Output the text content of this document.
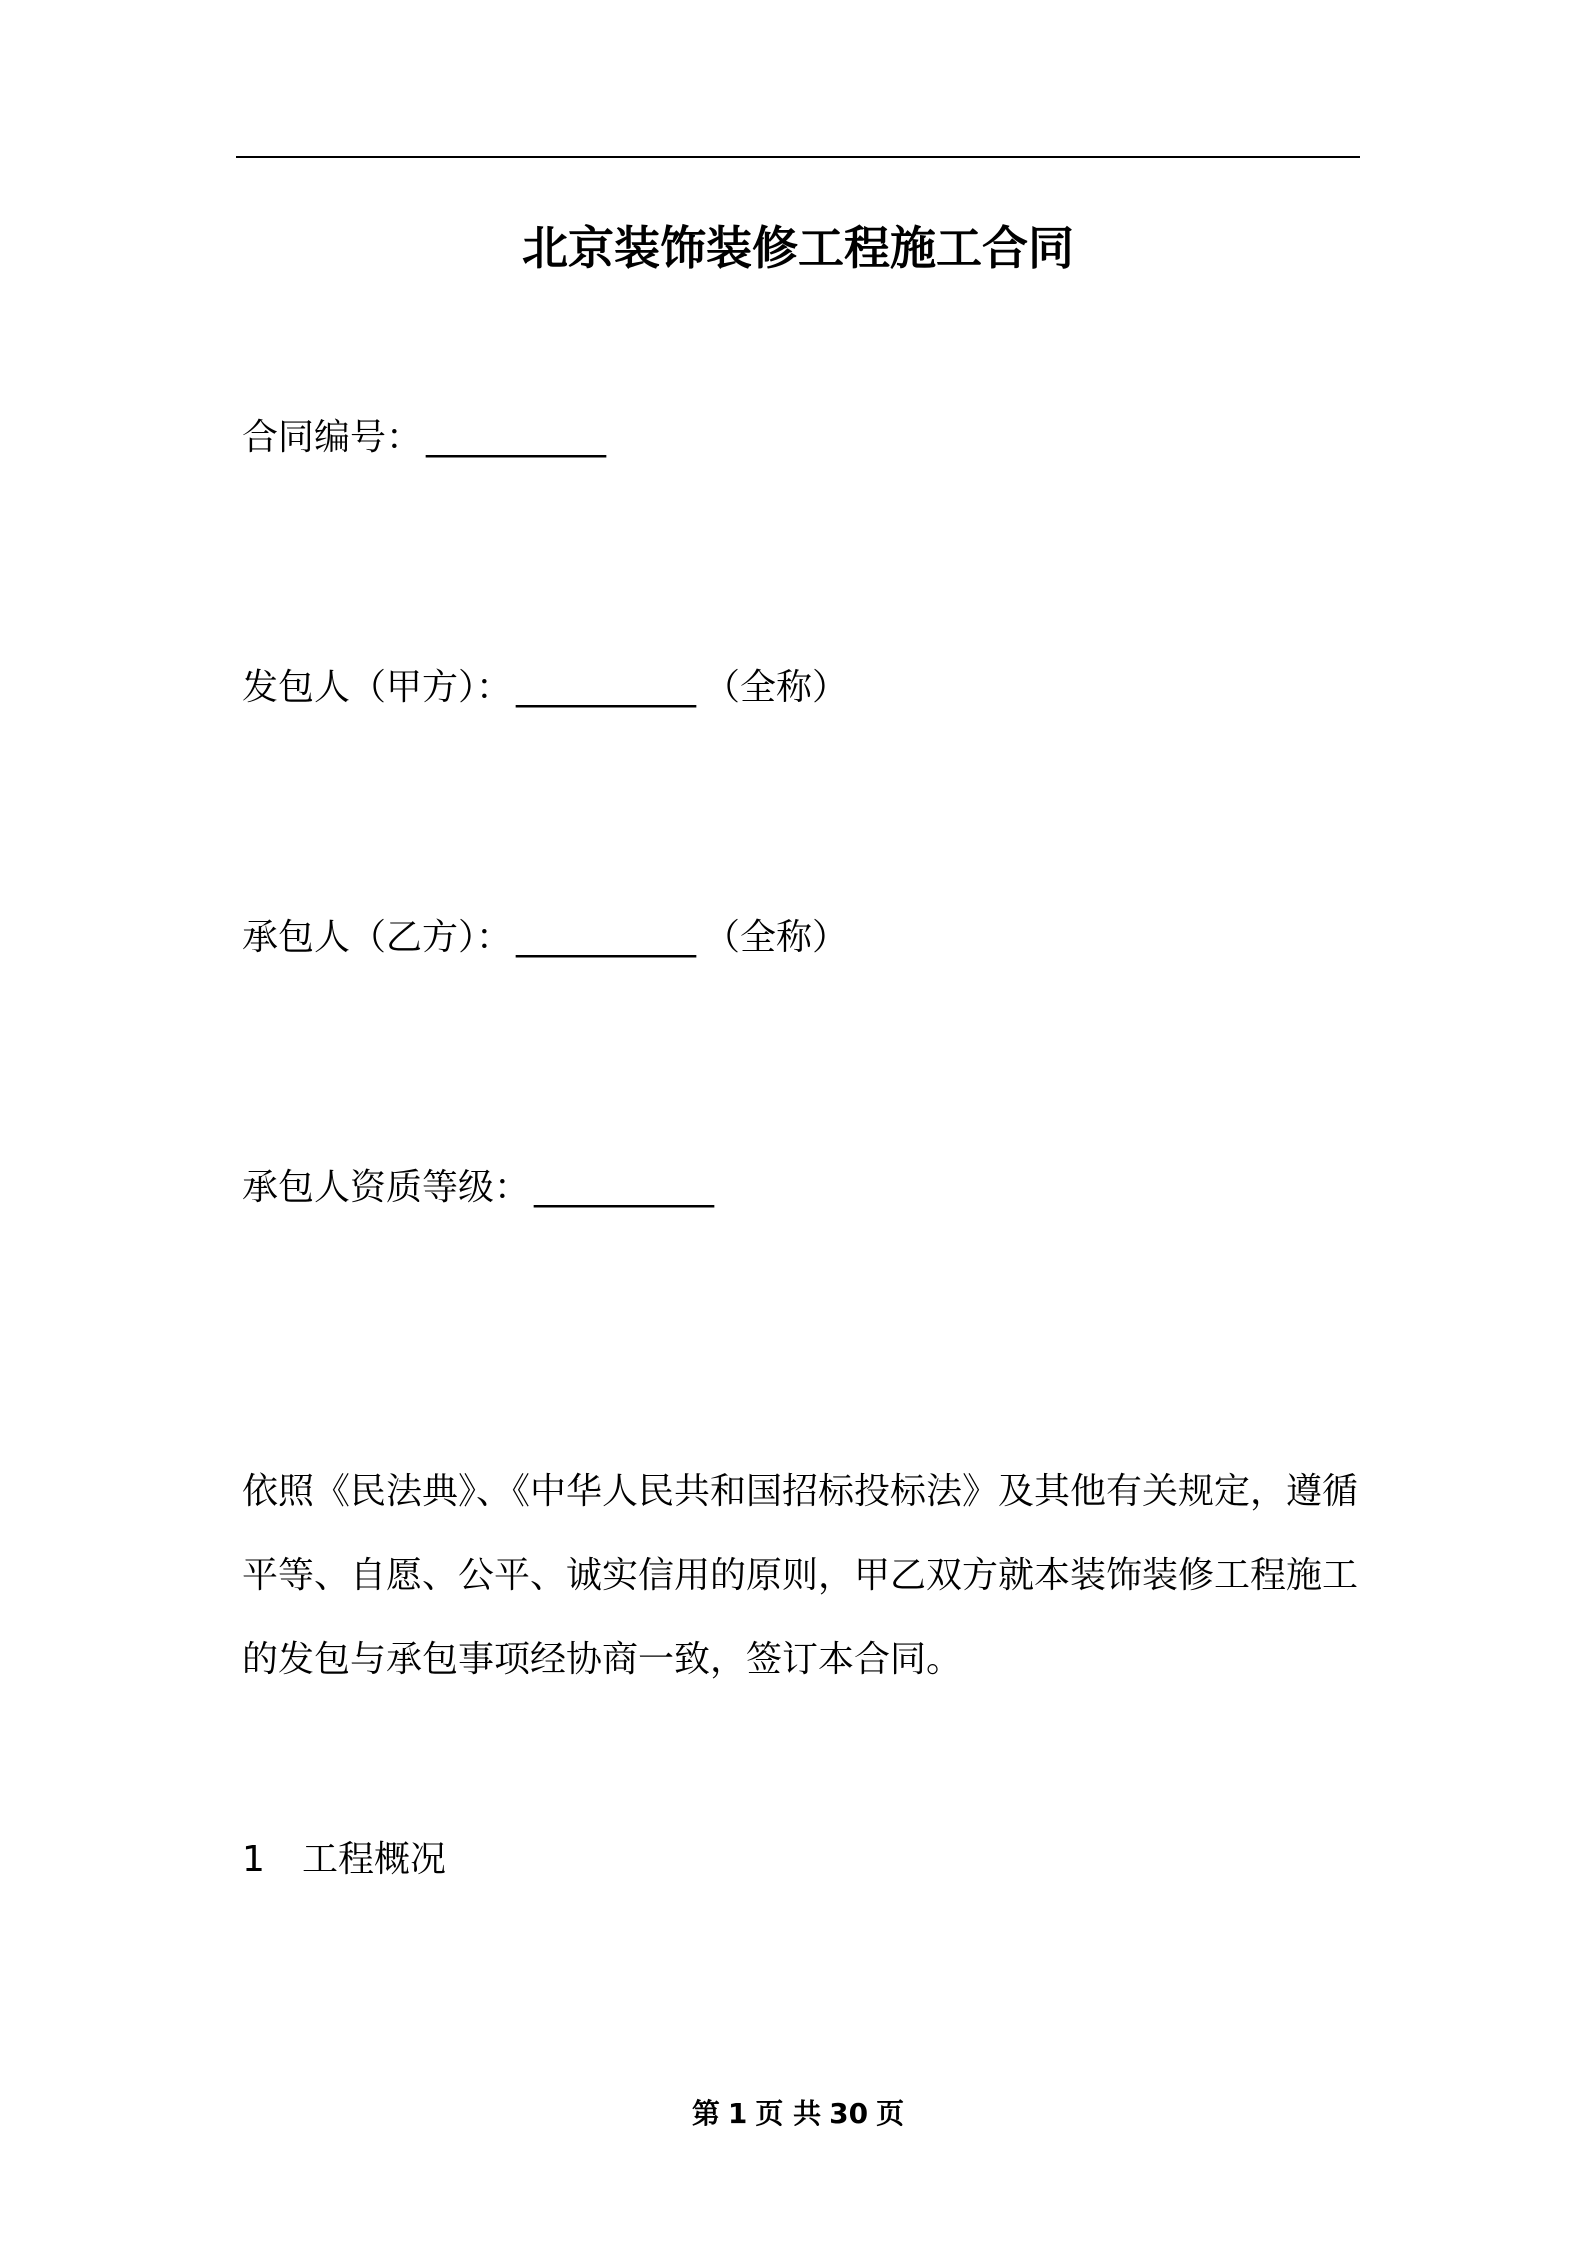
北京装饰装修工程施工合同
合同编号： __________
发包人（甲方）： __________ （全称）
承包人（乙方）： __________ （全称）
承包人资质等级： __________

依照《民法典》、《中华人民共和国招标投标法》及其他有关规定，遵循平等、自愿、公平、诚实信用的原则，甲乙双方就本装饰装修工程施工的发包与承包事项经协商一致，签订本合同。

1 工程概况
第 1 页 共 30 页
